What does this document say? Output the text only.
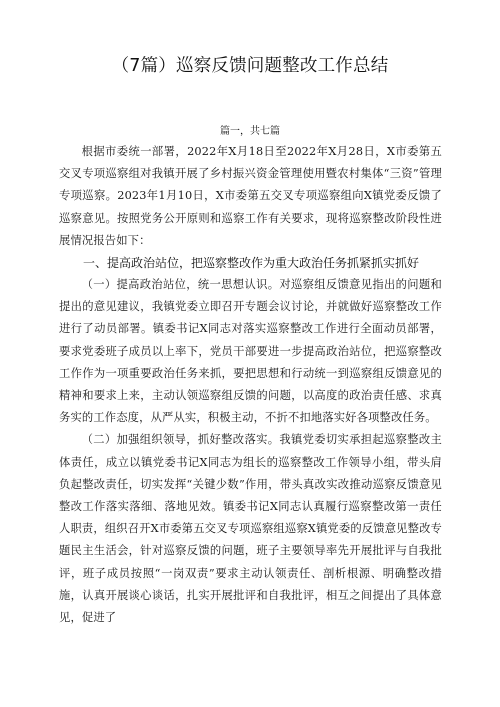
（7篇）巡察反馈问题整改工作总结
篇一，共七篇

根据市委统一部署，2022年X月18日至2022年X月28日，X市委第五交叉专项巡察组对我镇开展了乡村振兴资金管理使用暨农村集体“三资”管理专项巡察。2023年1月10日，X市委第五交叉专项巡察组向X镇党委反馈了巡察意见。按照党务公开原则和巡察工作有关要求，现将巡察整改阶段性进展情况报告如下：

一、提高政治站位，把巡察整改作为重大政治任务抓紧抓实抓好

（一）提高政治站位，统一思想认识。对巡察组反馈意见指出的问题和提出的意见建议，我镇党委立即召开专题会议讨论，并就做好巡察整改工作进行了动员部署。镇委书记X同志对落实巡察整改工作进行全面动员部署，要求党委班子成员以上率下，党员干部要进一步提高政治站位，把巡察整改工作作为一项重要政治任务来抓，要把思想和行动统一到巡察组反馈意见的精神和要求上来，主动认领巡察组反馈的问题，以高度的政治责任感、求真务实的工作态度，从严从实，积极主动，不折不扣地落实好各项整改任务。

（二）加强组织领导，抓好整改落实。我镇党委切实承担起巡察整改主体责任，成立以镇党委书记X同志为组长的巡察整改工作领导小组，带头肩负起整改责任，切实发挥“关键少数”作用，带头真改实改推动巡察反馈意见整改工作落实落细、落地见效。镇委书记X同志认真履行巡察整改第一责任人职责，组织召开X市委第五交叉专项巡察组巡察X镇党委的反馈意见整改专题民主生活会，针对巡察反馈的问题，班子主要领导率先开展批评与自我批评，班子成员按照“一岗双责”要求主动认领责任、剖析根源、明确整改措施，认真开展谈心谈话，扎实开展批评和自我批评，相互之间提出了具体意见，促进了
